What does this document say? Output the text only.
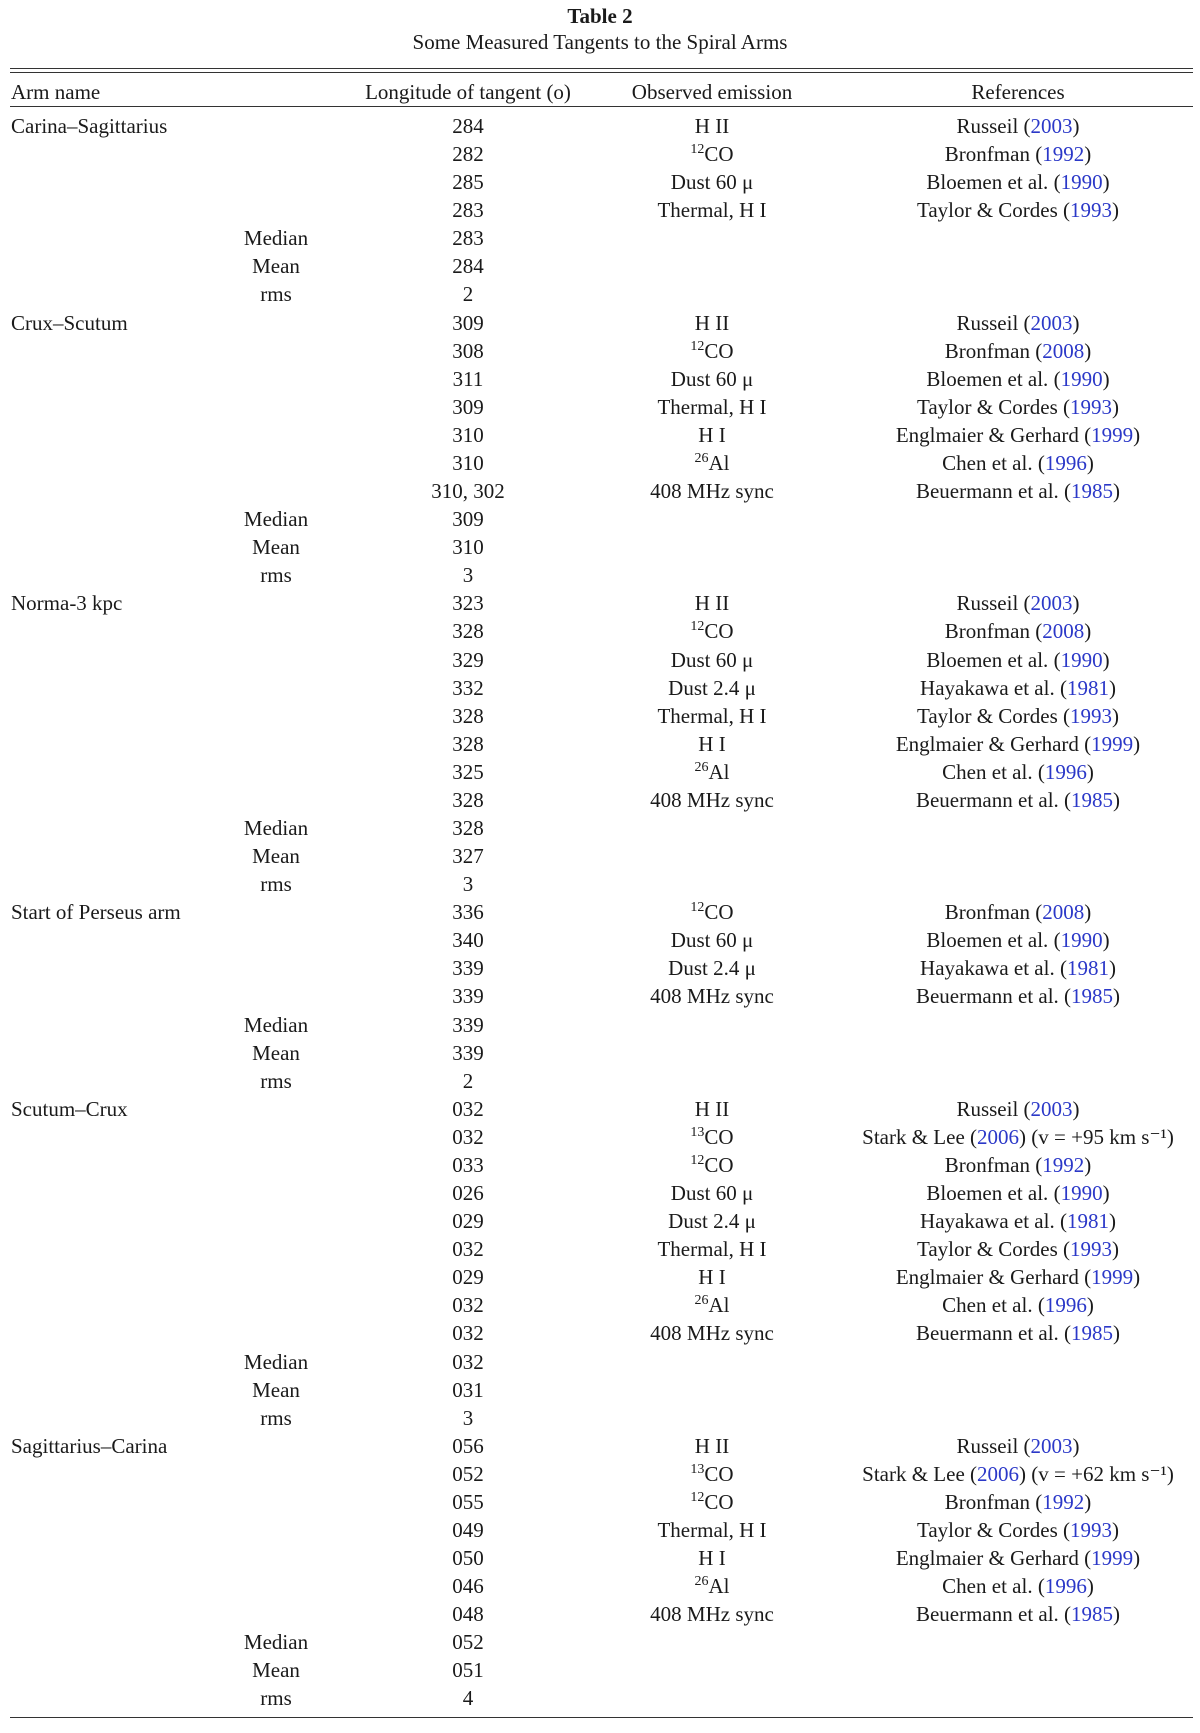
Table 2
Some Measured Tangents to the Spiral Arms
Arm name	Longitude of tangent (o)	Observed emission	References
Carina–Sagittarius	284	H II	Russeil (2003)
282	$^{12}$CO	Bronfman (1992)
285	Dust 60 μ	Bloemen et al. (1990)
283	Thermal, H I	Taylor & Cordes (1993)
Median	283
Mean	284
rms	2
Crux–Scutum	309	H II	Russeil (2003)
308	$^{12}$CO	Bronfman (2008)
311	Dust 60 μ	Bloemen et al. (1990)
309	Thermal, H I	Taylor & Cordes (1993)
310	H I	Englmaier & Gerhard (1999)
310	$^{26}$Al	Chen et al. (1996)
310, 302	408 MHz sync	Beuermann et al. (1985)
Median	309
Mean	310
rms	3
Norma-3 kpc	323	H II	Russeil (2003)
328	$^{12}$CO	Bronfman (2008)
329	Dust 60 μ	Bloemen et al. (1990)
332	Dust 2.4 μ	Hayakawa et al. (1981)
328	Thermal, H I	Taylor & Cordes (1993)
328	H I	Englmaier & Gerhard (1999)
325	$^{26}$Al	Chen et al. (1996)
328	408 MHz sync	Beuermann et al. (1985)
Median	328
Mean	327
rms	3
Start of Perseus arm	336	$^{12}$CO	Bronfman (2008)
340	Dust 60 μ	Bloemen et al. (1990)
339	Dust 2.4 μ	Hayakawa et al. (1981)
339	408 MHz sync	Beuermann et al. (1985)
Median	339
Mean	339
rms	2
Scutum–Crux	032	H II	Russeil (2003)
032	$^{13}$CO	Stark & Lee (2006) (v = +95 km s⁻¹)
033	$^{12}$CO	Bronfman (1992)
026	Dust 60 μ	Bloemen et al. (1990)
029	Dust 2.4 μ	Hayakawa et al. (1981)
032	Thermal, H I	Taylor & Cordes (1993)
029	H I	Englmaier & Gerhard (1999)
032	$^{26}$Al	Chen et al. (1996)
032	408 MHz sync	Beuermann et al. (1985)
Median	032
Mean	031
rms	3
Sagittarius–Carina	056	H II	Russeil (2003)
052	$^{13}$CO	Stark & Lee (2006) (v = +62 km s⁻¹)
055	$^{12}$CO	Bronfman (1992)
049	Thermal, H I	Taylor & Cordes (1993)
050	H I	Englmaier & Gerhard (1999)
046	$^{26}$Al	Chen et al. (1996)
048	408 MHz sync	Beuermann et al. (1985)
Median	052
Mean	051
rms	4
